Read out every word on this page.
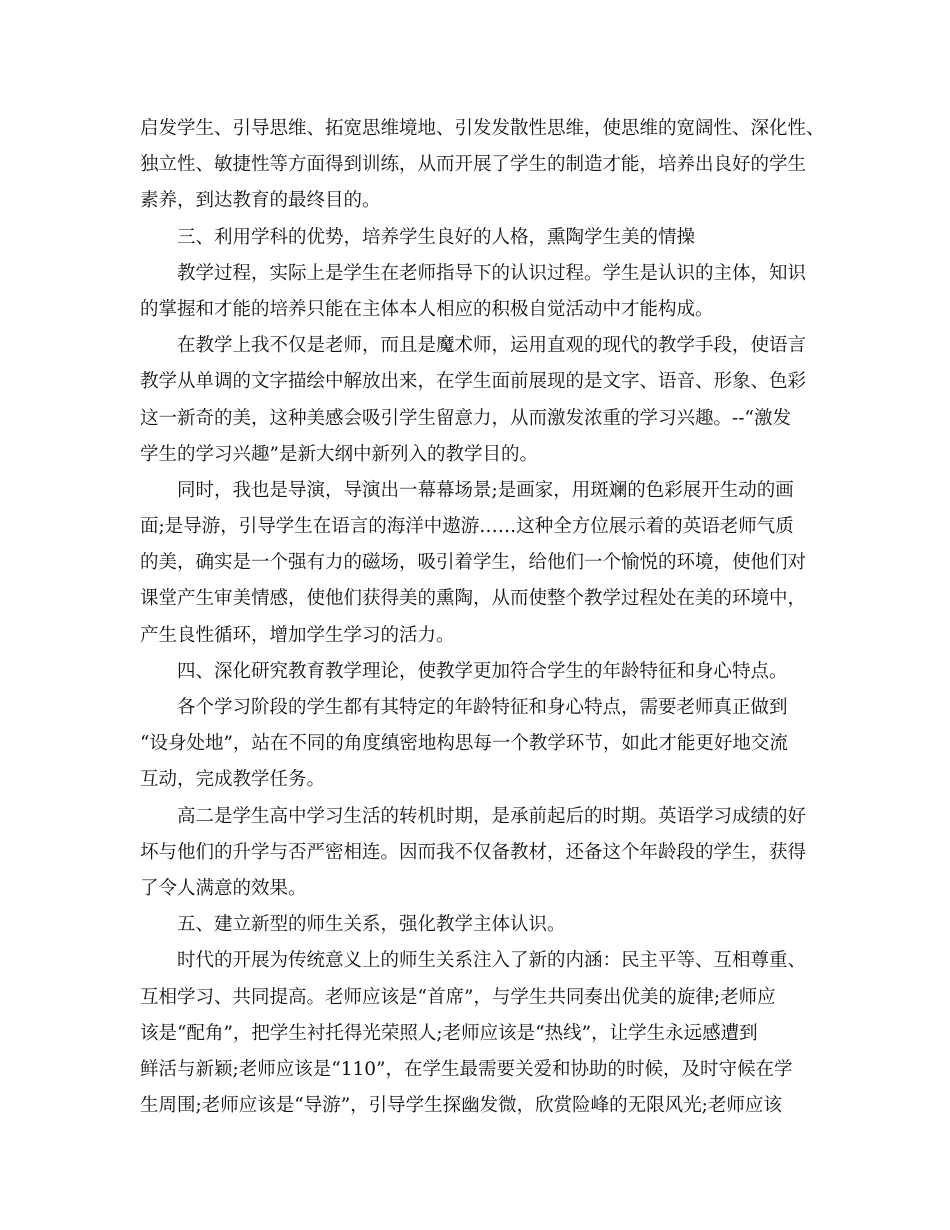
启发学生、引导思维、拓宽思维境地、引发发散性思维，使思维的宽阔性、深化性、
独立性、敏捷性等方面得到训练，从而开展了学生的制造才能，培养出良好的学生
素养，到达教育的最终目的。
三、利用学科的优势，培养学生良好的人格，熏陶学生美的情操
教学过程，实际上是学生在老师指导下的认识过程。学生是认识的主体，知识
的掌握和才能的培养只能在主体本人相应的积极自觉活动中才能构成。
在教学上我不仅是老师，而且是魔术师，运用直观的现代的教学手段，使语言
教学从单调的文字描绘中解放出来，在学生面前展现的是文字、语音、形象、色彩
这一新奇的美，这种美感会吸引学生留意力，从而激发浓重的学习兴趣。--“激发
学生的学习兴趣”是新大纲中新列入的教学目的。
同时，我也是导演，导演出一幕幕场景;是画家，用斑斓的色彩展开生动的画
面;是导游，引导学生在语言的海洋中遨游……这种全方位展示着的英语老师气质
的美，确实是一个强有力的磁场，吸引着学生，给他们一个愉悦的环境，使他们对
课堂产生审美情感，使他们获得美的熏陶，从而使整个教学过程处在美的环境中，
产生良性循环，增加学生学习的活力。
四、深化研究教育教学理论，使教学更加符合学生的年龄特征和身心特点。
各个学习阶段的学生都有其特定的年龄特征和身心特点，需要老师真正做到
“设身处地”，站在不同的角度缜密地构思每一个教学环节，如此才能更好地交流
互动，完成教学任务。
高二是学生高中学习生活的转机时期，是承前起后的时期。英语学习成绩的好
坏与他们的升学与否严密相连。因而我不仅备教材，还备这个年龄段的学生，获得
了令人满意的效果。
五、建立新型的师生关系，强化教学主体认识。
时代的开展为传统意义上的师生关系注入了新的内涵：民主平等、互相尊重、
互相学习、共同提高。老师应该是“首席”，与学生共同奏出优美的旋律;老师应
该是“配角”，把学生衬托得光荣照人;老师应该是“热线”，让学生永远感遭到
鲜活与新颖;老师应该是“110”，在学生最需要关爱和协助的时候，及时守候在学
生周围;老师应该是“导游”，引导学生探幽发微，欣赏险峰的无限风光;老师应该
